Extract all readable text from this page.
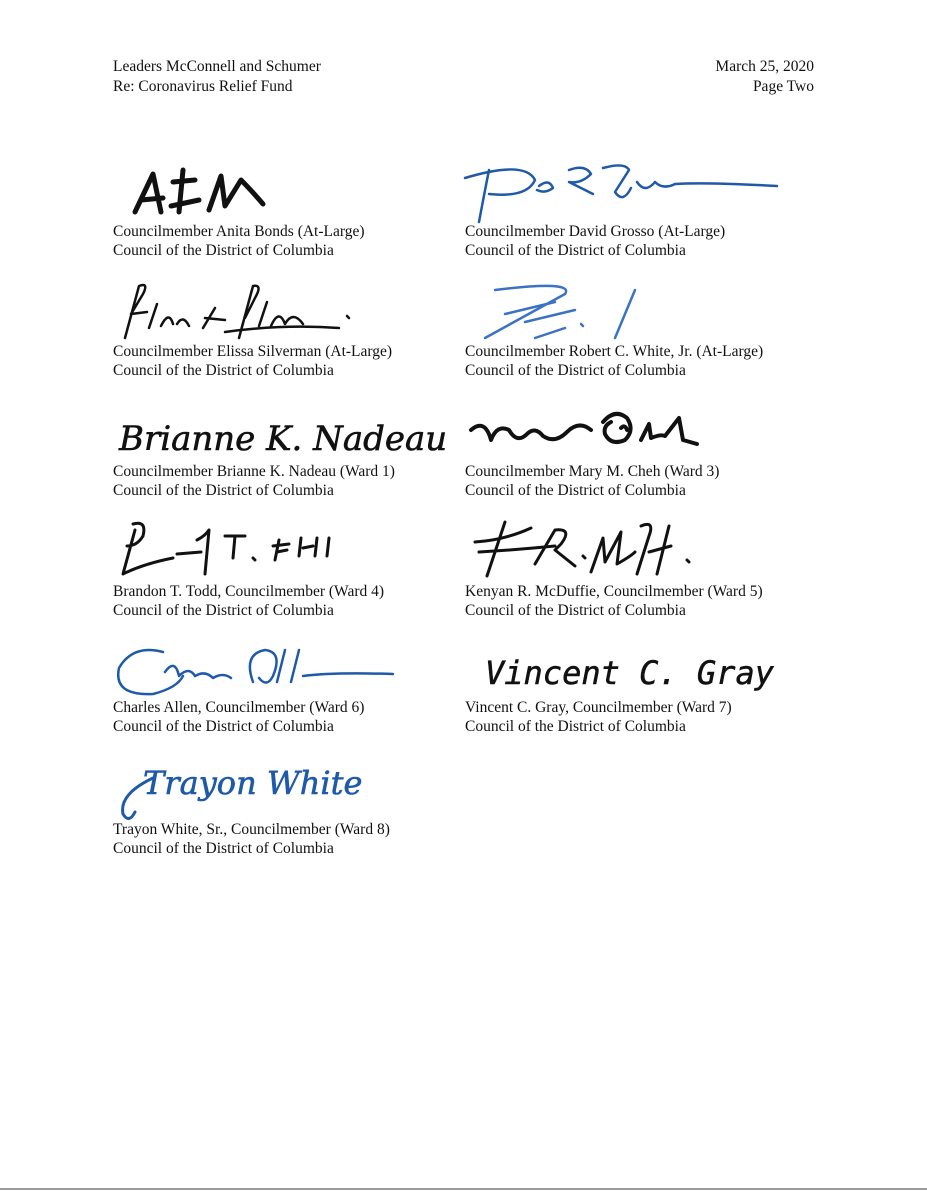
Leaders McConnell and Schumer
Re: Coronavirus Relief Fund
March 25, 2020
Page Two
Councilmember Anita Bonds (At-Large)
Council of the District of Columbia
Councilmember David Grosso (At-Large)
Council of the District of Columbia
Councilmember Elissa Silverman (At-Large)
Council of the District of Columbia
Councilmember Robert C. White, Jr. (At-Large)
Council of the District of Columbia
Brianne K. Nadeau
Councilmember Brianne K. Nadeau (Ward 1)
Council of the District of Columbia
Councilmember Mary M. Cheh (Ward 3)
Council of the District of Columbia
Brandon T. Todd, Councilmember (Ward 4)
Council of the District of Columbia
Kenyan R. McDuffie, Councilmember (Ward 5)
Council of the District of Columbia
Charles Allen, Councilmember (Ward 6)
Council of the District of Columbia
Vincent C. Gray
Vincent C. Gray, Councilmember (Ward 7)
Council of the District of Columbia
Trayon White
Trayon White, Sr., Councilmember (Ward 8)
Council of the District of Columbia
